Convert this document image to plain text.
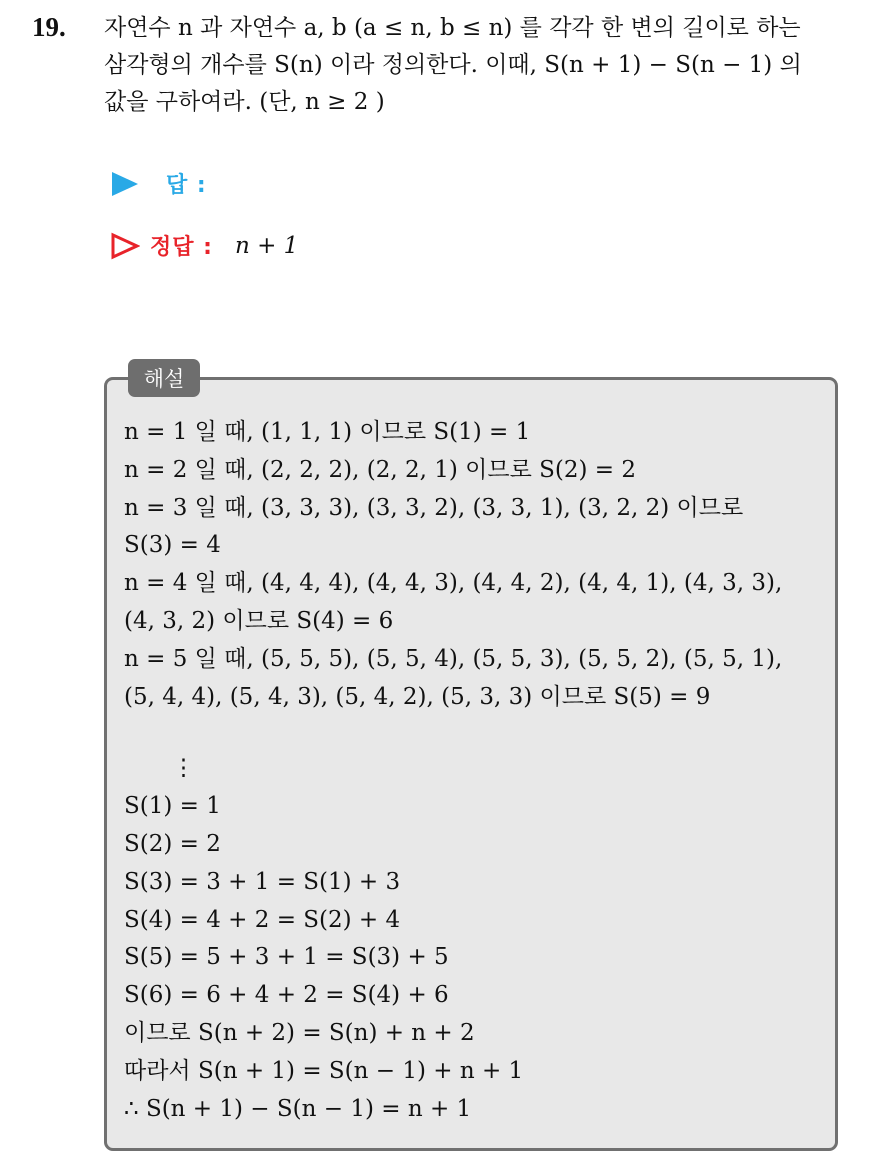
19. 자연수 n 과 자연수 a, b (a ≤ n, b ≤ n) 를 각각 한 변의 길이로 하는
삼각형의 개수를 S(n) 이라 정의한다. 이때, S(n + 1) − S(n − 1) 의
값을 구하여라. (단, n ≥ 2 )
답 :
정답 : n + 1
해설
n = 1 일 때, (1, 1, 1) 이므로 S(1) = 1
n = 2 일 때, (2, 2, 2), (2, 2, 1) 이므로 S(2) = 2
n = 3 일 때, (3, 3, 3), (3, 3, 2), (3, 3, 1), (3, 2, 2) 이므로
S(3) = 4
n = 4 일 때, (4, 4, 4), (4, 4, 3), (4, 4, 2), (4, 4, 1), (4, 3, 3),
(4, 3, 2) 이므로 S(4) = 6
n = 5 일 때, (5, 5, 5), (5, 5, 4), (5, 5, 3), (5, 5, 2), (5, 5, 1),
(5, 4, 4), (5, 4, 3), (5, 4, 2), (5, 3, 3) 이므로 S(5) = 9
⋮
S(1) = 1
S(2) = 2
S(3) = 3 + 1 = S(1) + 3
S(4) = 4 + 2 = S(2) + 4
S(5) = 5 + 3 + 1 = S(3) + 5
S(6) = 6 + 4 + 2 = S(4) + 6
이므로 S(n + 2) = S(n) + n + 2
따라서 S(n + 1) = S(n − 1) + n + 1
∴ S(n + 1) − S(n − 1) = n + 1
